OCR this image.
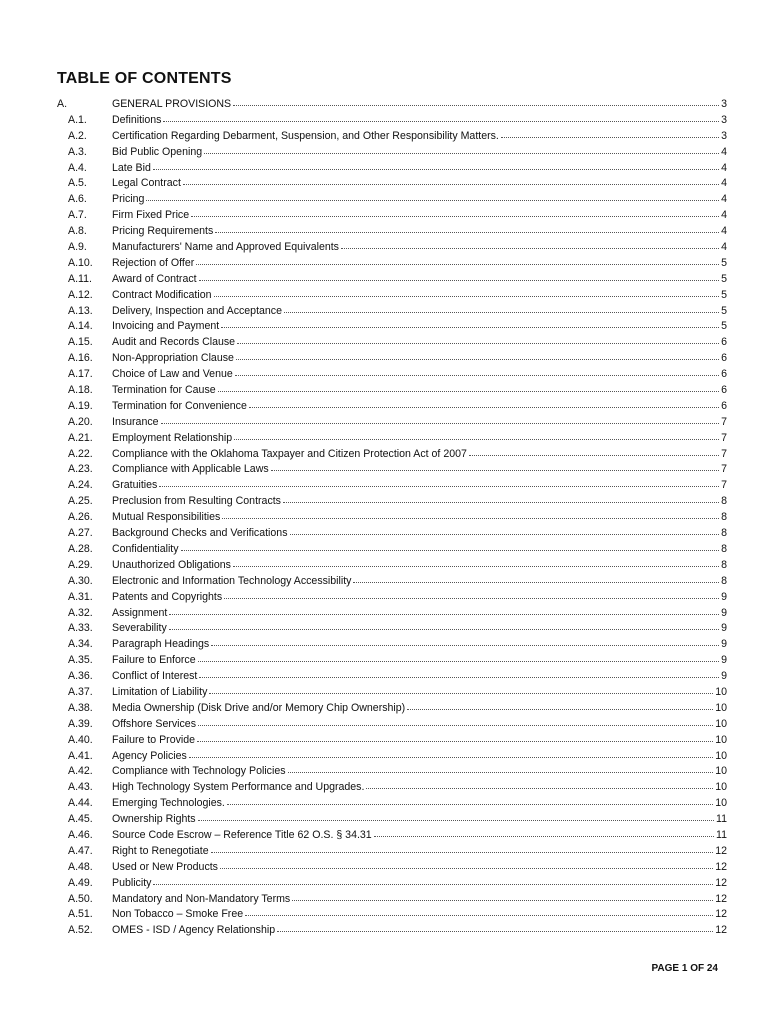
TABLE OF CONTENTS
A.	GENERAL PROVISIONS	3
A.1.	Definitions	3
A.2.	Certification Regarding Debarment, Suspension, and Other Responsibility Matters.	3
A.3.	Bid Public Opening	4
A.4.	Late Bid	4
A.5.	Legal Contract	4
A.6.	Pricing	4
A.7.	Firm Fixed Price	4
A.8.	Pricing Requirements	4
A.9.	Manufacturers' Name and Approved Equivalents	4
A.10.	Rejection of Offer	5
A.11.	Award of Contract	5
A.12.	Contract Modification	5
A.13.	Delivery, Inspection and Acceptance	5
A.14.	Invoicing and Payment	5
A.15.	Audit and Records Clause	6
A.16.	Non-Appropriation Clause	6
A.17.	Choice of Law and Venue	6
A.18.	Termination for Cause	6
A.19.	Termination for Convenience	6
A.20.	Insurance	7
A.21.	Employment Relationship	7
A.22.	Compliance with the Oklahoma Taxpayer and Citizen Protection Act of 2007	7
A.23.	Compliance with Applicable Laws	7
A.24.	Gratuities	7
A.25.	Preclusion from Resulting Contracts	8
A.26.	Mutual Responsibilities	8
A.27.	Background Checks and Verifications	8
A.28.	Confidentiality	8
A.29.	Unauthorized Obligations	8
A.30.	Electronic and Information Technology Accessibility	8
A.31.	Patents and Copyrights	9
A.32.	Assignment	9
A.33.	Severability	9
A.34.	Paragraph Headings	9
A.35.	Failure to Enforce	9
A.36.	Conflict of Interest	9
A.37.	Limitation of Liability	10
A.38.	Media Ownership (Disk Drive and/or Memory Chip Ownership)	10
A.39.	Offshore Services	10
A.40.	Failure to Provide	10
A.41.	Agency Policies	10
A.42.	Compliance with Technology Policies	10
A.43.	High Technology System Performance and Upgrades.	10
A.44.	Emerging Technologies.	10
A.45.	Ownership Rights	11
A.46.	Source Code Escrow – Reference Title 62 O.S. § 34.31	11
A.47.	Right to Renegotiate	12
A.48.	Used or New Products	12
A.49.	Publicity	12
A.50.	Mandatory and Non-Mandatory Terms	12
A.51.	Non Tobacco – Smoke Free	12
A.52.	OMES - ISD / Agency Relationship	12
PAGE 1 OF 24
